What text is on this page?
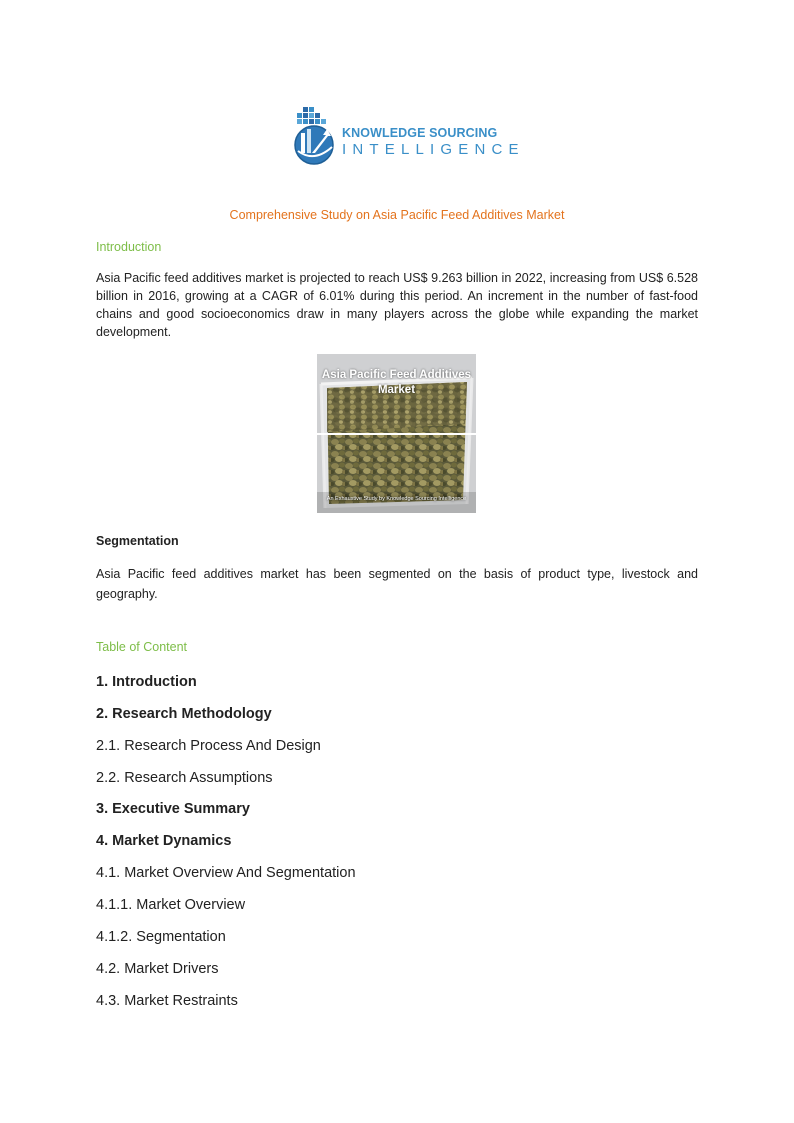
KNOWLEDGE SOURCING
INTELLIGENCE
Comprehensive Study on Asia Pacific Feed Additives Market
Introduction
Asia Pacific feed additives market is projected to reach US$ 9.263 billion in 2022, increasing from US$ 6.528 billion in 2016, growing at a CAGR of 6.01% during this period. An increment in the number of fast-food chains and good socioeconomics draw in many players across the globe while expanding the market development.
Asia Pacific Feed Additives Market
An Exhaustive Study by Knowledge Sourcing Intelligence
Segmentation
Asia Pacific feed additives market has been segmented on the basis of product type, livestock and geography.
Table of Content
1. Introduction
2. Research Methodology
2.1. Research Process And Design
2.2. Research Assumptions
3. Executive Summary
4. Market Dynamics
4.1. Market Overview And Segmentation
4.1.1. Market Overview
4.1.2. Segmentation
4.2. Market Drivers
4.3. Market Restraints
